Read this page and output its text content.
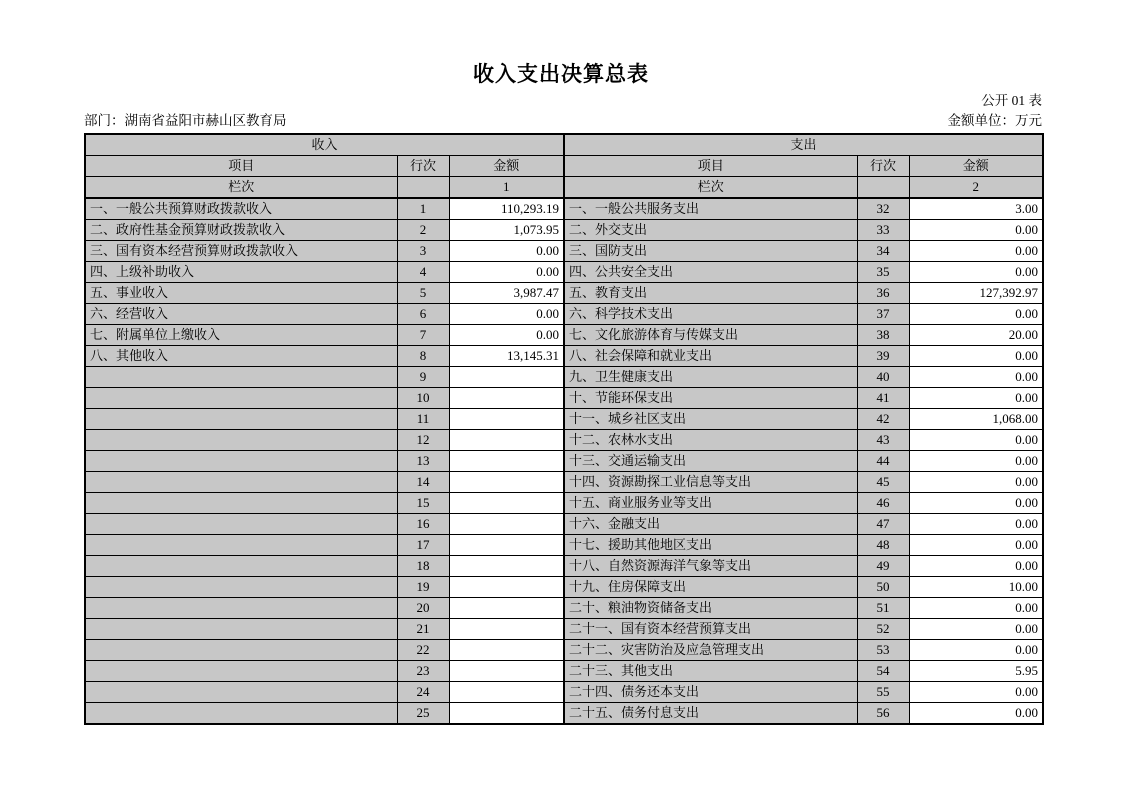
收入支出决算总表
公开 01 表
部门：湖南省益阳市赫山区教育局	金额单位：万元
收入			支出		
项目	行次	金额	项目	行次	金额
栏次		1	栏次		2
一、一般公共预算财政拨款收入	1	110,293.19	一、一般公共服务支出	32	3.00
二、政府性基金预算财政拨款收入	2	1,073.95	二、外交支出	33	0.00
三、国有资本经营预算财政拨款收入	3	0.00	三、国防支出	34	0.00
四、上级补助收入	4	0.00	四、公共安全支出	35	0.00
五、事业收入	5	3,987.47	五、教育支出	36	127,392.97
六、经营收入	6	0.00	六、科学技术支出	37	0.00
七、附属单位上缴收入	7	0.00	七、文化旅游体育与传媒支出	38	20.00
八、其他收入	8	13,145.31	八、社会保障和就业支出	39	0.00
	9		九、卫生健康支出	40	0.00
	10		十、节能环保支出	41	0.00
	11		十一、城乡社区支出	42	1,068.00
	12		十二、农林水支出	43	0.00
	13		十三、交通运输支出	44	0.00
	14		十四、资源勘探工业信息等支出	45	0.00
	15		十五、商业服务业等支出	46	0.00
	16		十六、金融支出	47	0.00
	17		十七、援助其他地区支出	48	0.00
	18		十八、自然资源海洋气象等支出	49	0.00
	19		十九、住房保障支出	50	10.00
	20		二十、粮油物资储备支出	51	0.00
	21		二十一、国有资本经营预算支出	52	0.00
	22		二十二、灾害防治及应急管理支出	53	0.00
	23		二十三、其他支出	54	5.95
	24		二十四、债务还本支出	55	0.00
	25		二十五、债务付息支出	56	0.00
